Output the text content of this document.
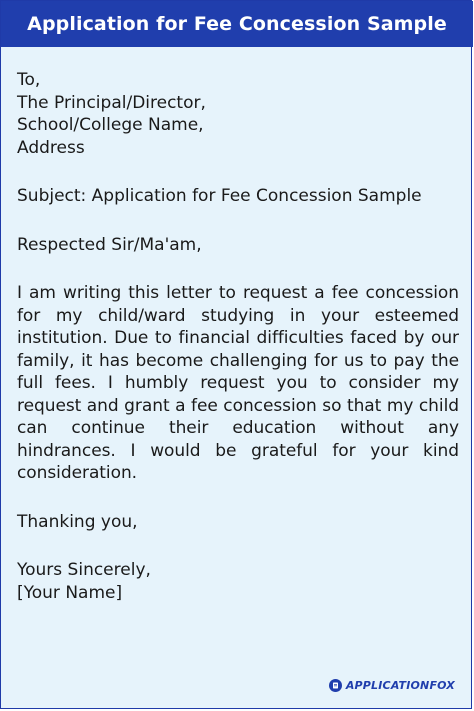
Application for Fee Concession Sample
To,
The Principal/Director,
School/College Name,
Address
Subject: Application for Fee Concession Sample
Respected Sir/Ma'am,
I am writing this letter to request a fee concession for my child/ward studying in your esteemed institution. Due to financial difficulties faced by our family, it has become challenging for us to pay the full fees. I humbly request you to consider my request and grant a fee concession so that my child can continue their education without any hindrances. I would be grateful for your kind consideration.
Thanking you,
Yours Sincerely,
[Your Name]
APPLICATIONFOX
